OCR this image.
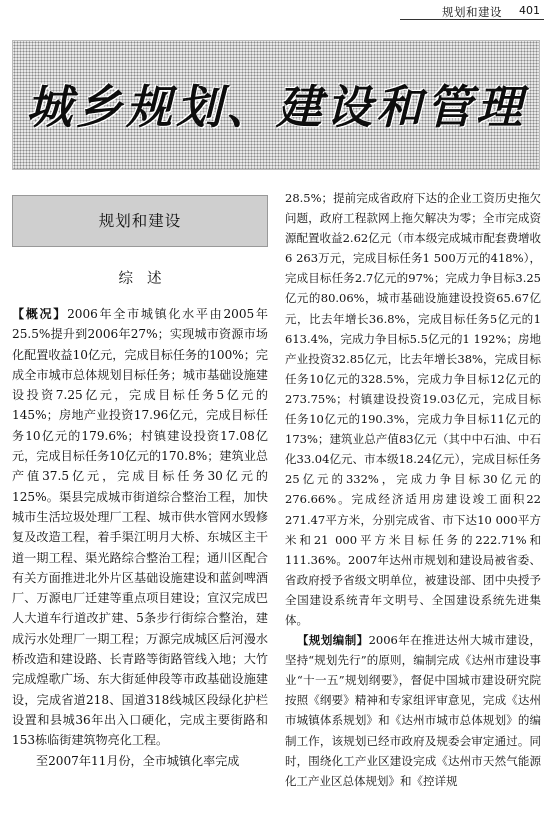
规划和建设 401
城乡规划、建设和管理
规划和建设
综述

【概况】2006年全市城镇化水平由2005年25.5%提升到2006年27%；实现城市资源市场化配置收益10亿元，完成目标任务的100%；完成全市城市总体规划目标任务；城市基础设施建设投资7.25亿元，完成目标任务5亿元的145%；房地产业投资17.96亿元，完成目标任务10亿元的179.6%；村镇建设投资17.08亿元，完成目标任务10亿元的170.8%；建筑业总产值37.5亿元，完成目标任务30亿元的125%。渠县完成城市街道综合整治工程，加快城市生活垃圾处理厂工程、城市供水管网水毁修复及改造工程，着手渠江明月大桥、东城区主干道一期工程、渠光路综合整治工程；通川区配合有关方面推进北外片区基础设施建设和蓝剑啤酒厂、万源电厂迁建等重点项目建设；宣汉完成巴人大道车行道改扩建、5条步行街综合整治，建成污水处理厂一期工程；万源完成城区后河漫水桥改造和建设路、长青路等街路管线入地；大竹完成煌歌广场、东大街延伸段等市政基础设施建设，完成省道218、国道318线城区段绿化护栏设置和县城36年出入口硬化，完成主要街路和153栋临街建筑物亮化工程。

至2007年11月份，全市城镇化率完成

28.5%；提前完成省政府下达的企业工资历史拖欠问题，政府工程款网上拖欠解决为零；全市完成资源配置收益2.62亿元（市本级完成城市配套费增收6 263万元，完成目标任务1 500万元的418%），完成目标任务2.7亿元的97%；完成力争目标3.25亿元的80.06%，城市基础设施建设投资65.67亿元，比去年增长36.8%，完成目标任务5亿元的1 613.4%，完成力争目标5.5亿元的1 192%；房地产业投资32.85亿元，比去年增长38%，完成目标任务10亿元的328.5%，完成力争目标12亿元的273.75%；村镇建设投资19.03亿元，完成目标任务10亿元的190.3%，完成力争目标11亿元的173%；建筑业总产值83亿元（其中中石油、中石化33.04亿元、市本级18.24亿元），完成目标任务25亿元的332%，完成力争目标30亿元的276.66%。完成经济适用房建设竣工面积22 271.47平方米，分别完成省、市下达10 000平方米和21 000平方米目标任务的222.71%和111.36%。2007年达州市规划和建设局被省委、省政府授予省级文明单位，被建设部、团中央授予全国建设系统青年文明号、全国建设系统先进集体。

【规划编制】2006年在推进达州大城市建设，坚持“规划先行”的原则，编制完成《达州市建设事业“十一五”规划纲要》，督促中国城市建设研究院按照《纲要》精神和专家组评审意见，完成《达州市城镇体系规划》和《达州市城市总体规划》的编制工作，该规划已经市政府及规委会审定通过。同时，围绕化工产业区建设完成《达州市天然气能源化工产业区总体规划》和《控详规
